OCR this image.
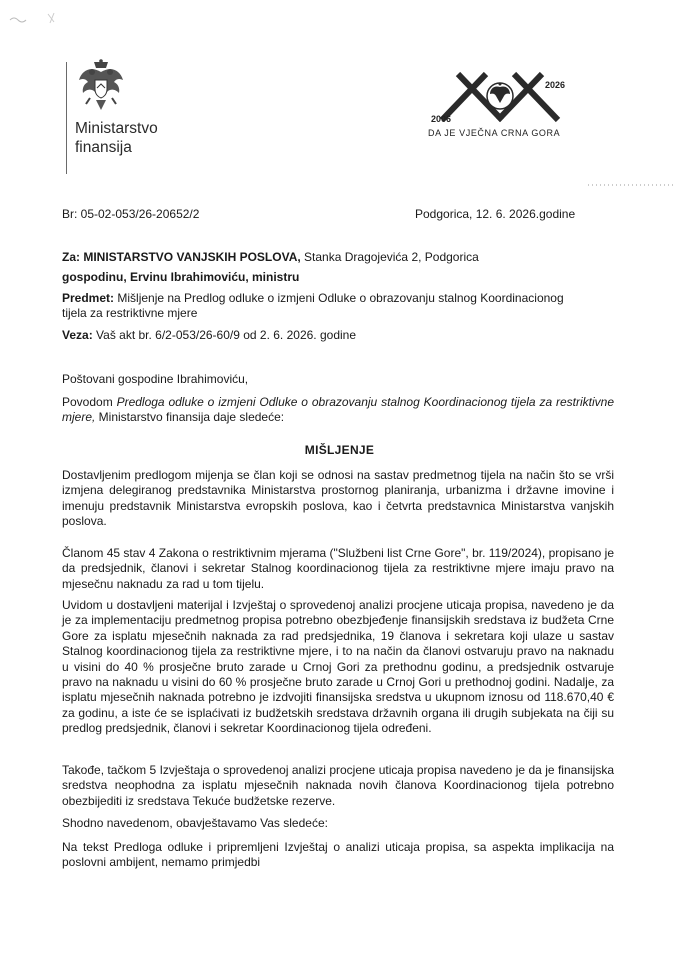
Ministarstvo
finansija
2006
2026
DA JE VJEČNA CRNA GORA
Br: 05-02-053/26-20652/2	Podgorica, 12. 6. 2026.godine
Za: MINISTARSTVO VANJSKIH POSLOVA, Stanka Dragojevića 2, Podgorica
gospodinu, Ervinu Ibrahimoviću, ministru
Predmet: Mišljenje na Predlog odluke o izmjeni Odluke o obrazovanju stalnog Koordinacionog
tijela za restriktivne mjere
Veza: Vaš akt br. 6/2-053/26-60/9 od 2. 6. 2026. godine
Poštovani gospodine Ibrahimoviću,
Povodom Predloga odluke o izmjeni Odluke o obrazovanju stalnog Koordinacionog tijela za restriktivne mjere, Ministarstvo finansija daje sledeće:
MIŠLJENJE
Dostavljenim predlogom mijenja se član koji se odnosi na sastav predmetnog tijela na način što se vrši izmjena delegiranog predstavnika Ministarstva prostornog planiranja, urbanizma i državne imovine i imenuju predstavnik Ministarstva evropskih poslova, kao i četvrta predstavnica Ministarstva vanjskih poslova.
Članom 45 stav 4 Zakona o restriktivnim mjerama ("Službeni list Crne Gore", br. 119/2024), propisano je da predsjednik, članovi i sekretar Stalnog koordinacionog tijela za restriktivne mjere imaju pravo na mjesečnu naknadu za rad u tom tijelu.
Uvidom u dostavljeni materijal i Izvještaj o sprovedenoj analizi procjene uticaja propisa, navedeno je da je za implementaciju predmetnog propisa potrebno obezbjeđenje finansijskih sredstava iz budžeta Crne Gore za isplatu mjesečnih naknada za rad predsjednika, 19 članova i sekretara koji ulaze u sastav Stalnog koordinacionog tijela za restriktivne mjere, i to na način da članovi ostvaruju pravo na naknadu u visini do 40 % prosječne bruto zarade u Crnoj Gori za prethodnu godinu, a predsjednik ostvaruje pravo na naknadu u visini do 60 % prosječne bruto zarade u Crnoj Gori u prethodnoj godini. Nadalje, za isplatu mjesečnih naknada potrebno je izdvojiti finansijska sredstva u ukupnom iznosu od 118.670,40 € za godinu, a iste će se isplaćivati iz budžetskih sredstava državnih organa ili drugih subjekata na čiji su predlog predsjednik, članovi i sekretar Koordinacionog tijela određeni.
Takođe, tačkom 5 Izvještaja o sprovedenoj analizi procjene uticaja propisa navedeno je da je finansijska sredstva neophodna za isplatu mjesečnih naknada novih članova Koordinacionog tijela potrebno obezbijediti iz sredstava Tekuće budžetske rezerve.
Shodno navedenom, obavještavamo Vas sledeće:
Na tekst Predloga odluke i pripremljeni Izvještaj o analizi uticaja propisa, sa aspekta implikacija na poslovni ambijent, nemamo primjedbi
